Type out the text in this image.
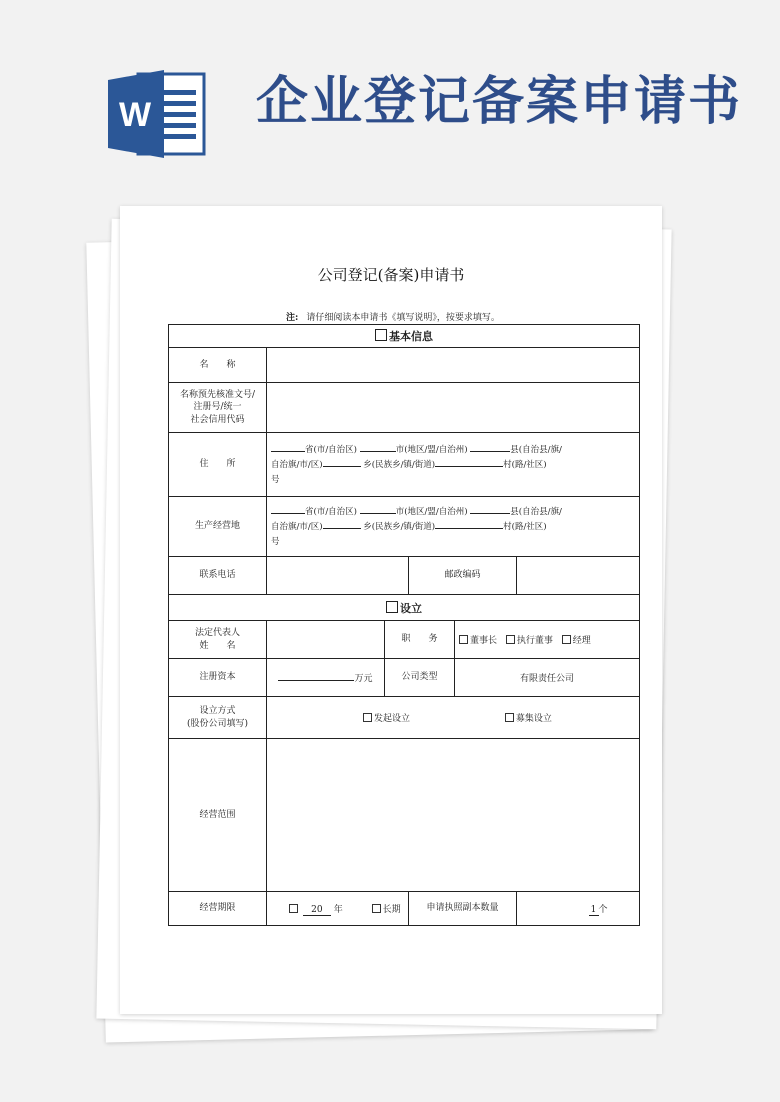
W 企业登记备案申请书
公司登记(备案)申请书
注: 请仔细阅读本申请书《填写说明》，按要求填写。
基本信息					
名　　称					

名称预先核准文号/
注册号/统一
社会信用代码					

住　　所	省(市/自治区) 市(地区/盟/自治州) 县(自治县/旗/
自治旗/市/区) 乡(民族乡/镇/街道) 村(路/社区)
号				
生产经营地	省(市/自治区) 市(地区/盟/自治州) 县(自治县/旗/
自治旗/市/区) 乡(民族乡/镇/街道) 村(路/社区)
号				
联系电话			邮政编码		
设立					

法定代表人
姓　　名		职　　务		董事长 执行董事 经理	
注册资本	万元	公司类型		有限责任公司	

设立方式
(股份公司填写)	发起设立 募集设立				
经营范围					
经营期限	20 年 长期		申请执照副本数量		1 个
